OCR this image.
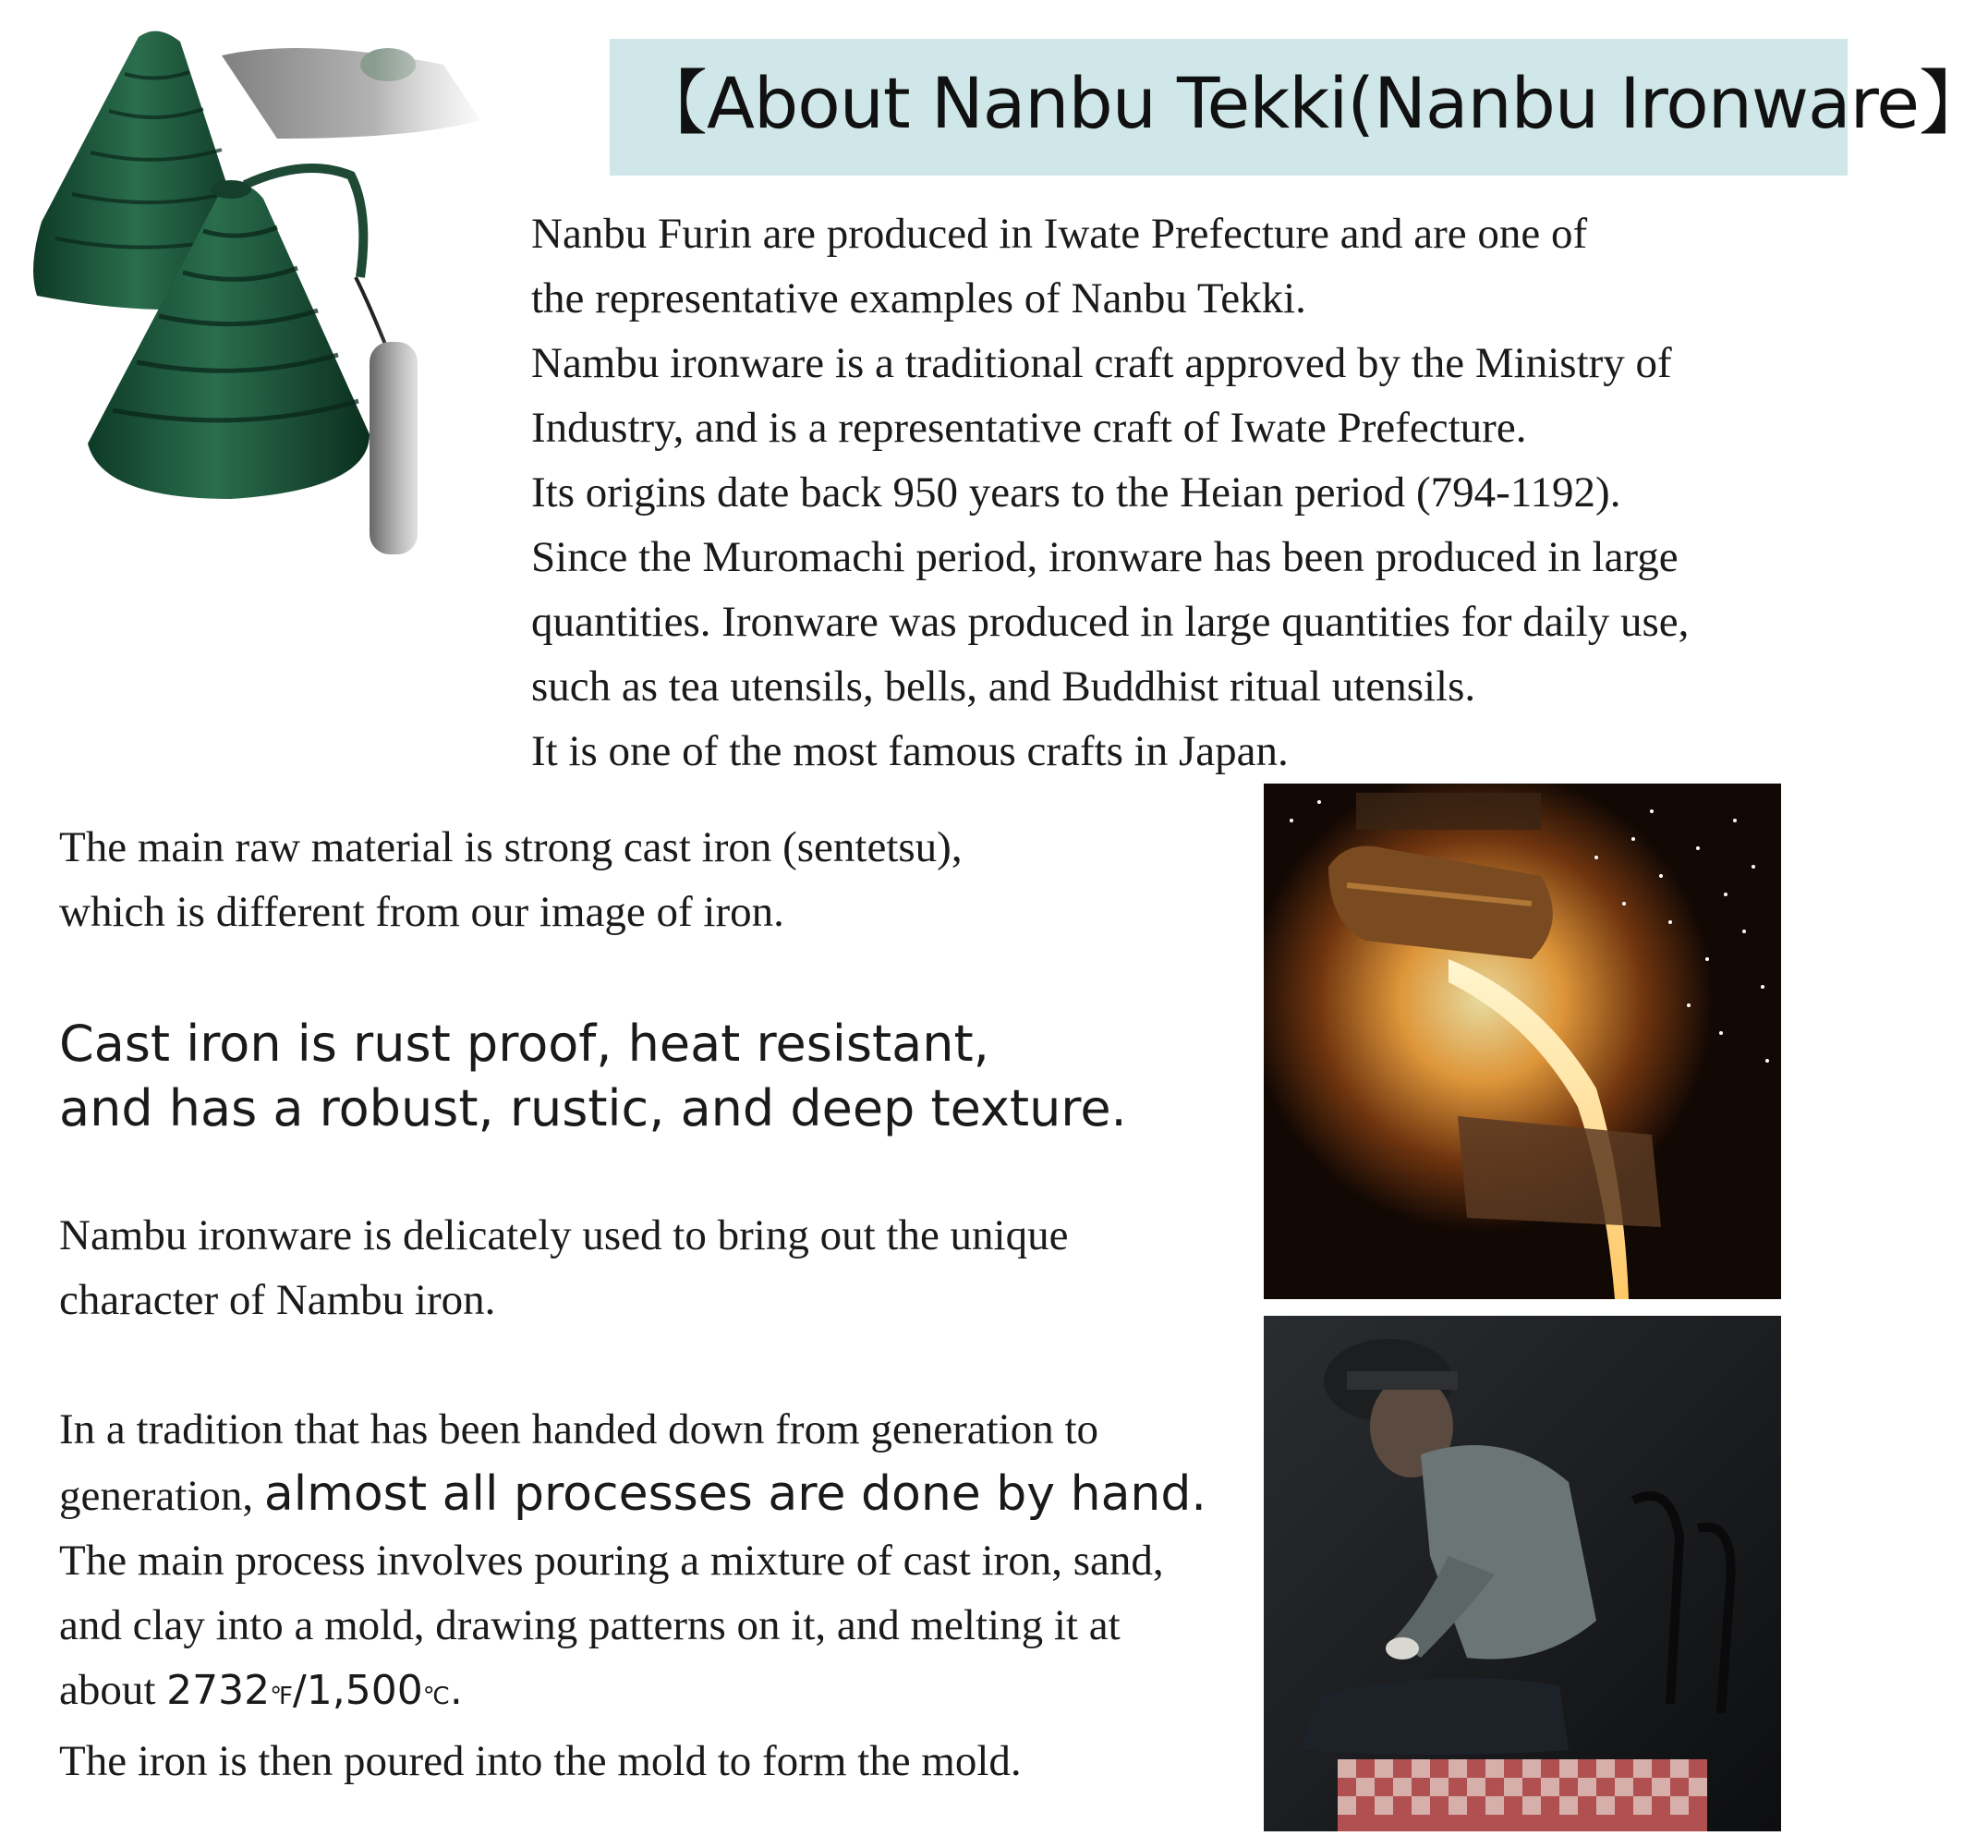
【About Nanbu Tekki(Nanbu Ironware】
Nanbu Furin are produced in Iwate Prefecture and are one of
the representative examples of Nanbu Tekki.
Nambu ironware is a traditional craft approved by the Ministry of
Industry, and is a representative craft of Iwate Prefecture.
Its origins date back 950 years to the Heian period (794-1192).
Since the Muromachi period, ironware has been produced in large
quantities. Ironware was produced in large quantities for daily use,
such as tea utensils, bells, and Buddhist ritual utensils.
It is one of the most famous crafts in Japan.
The main raw material is strong cast iron (sentetsu),
which is different from our image of iron.
Cast iron is rust proof, heat resistant,
and has a robust, rustic, and deep texture.
Nambu ironware is delicately used to bring out the unique
character of Nambu iron.
In a tradition that has been handed down from generation to
generation, almost all processes are done by hand.
The main process involves pouring a mixture of cast iron, sand,
and clay into a mold, drawing patterns on it, and melting it at
about 2732℉/1,500℃.
The iron is then poured into the mold to form the mold.
